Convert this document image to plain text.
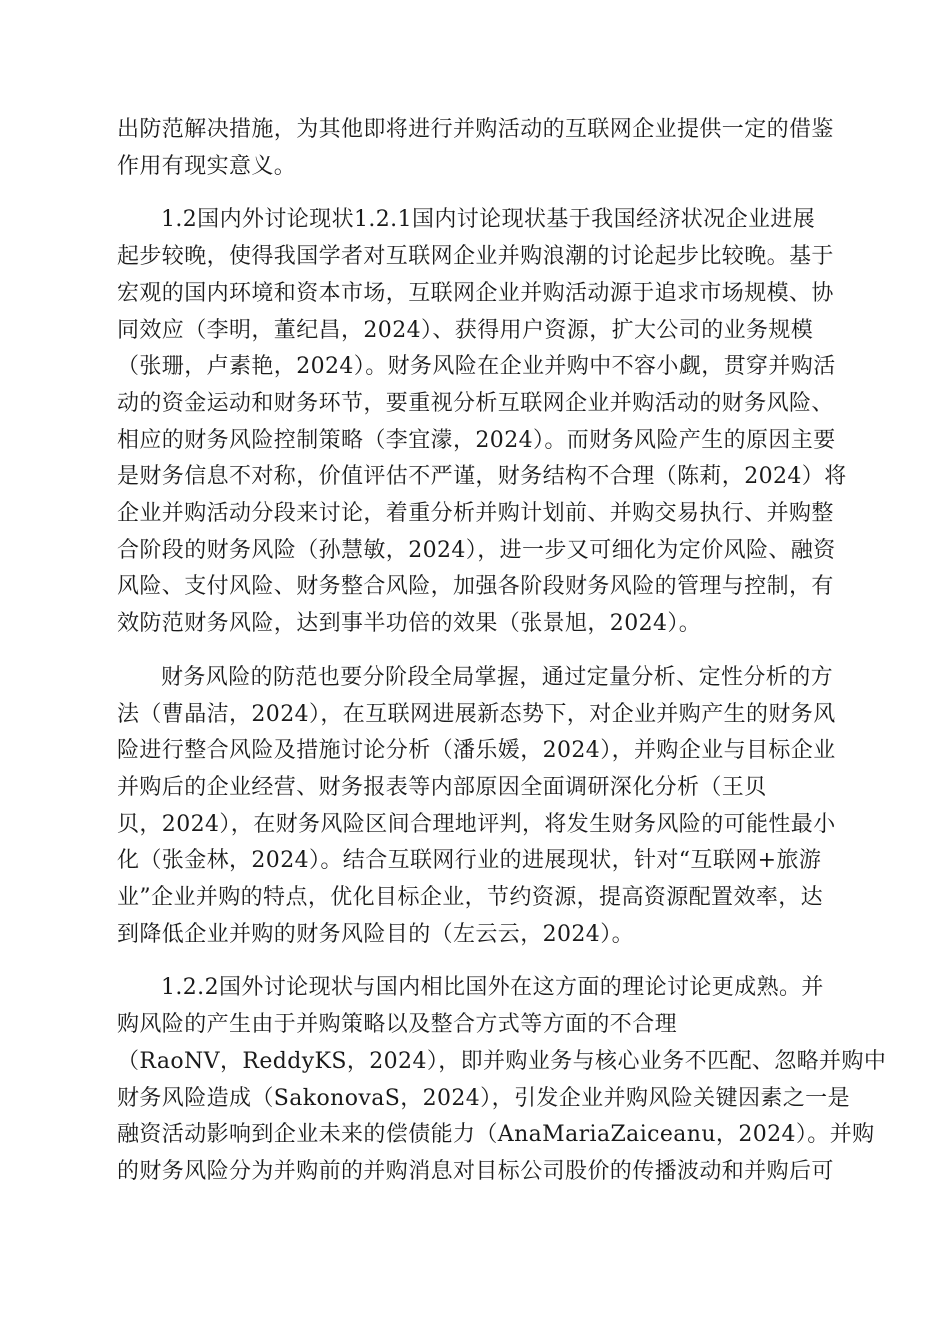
出防范解决措施，为其他即将进行并购活动的互联网企业提供一定的借鉴
作用有现实意义。

1.2国内外讨论现状1.2.1国内讨论现状基于我国经济状况企业进展
起步较晚，使得我国学者对互联网企业并购浪潮的讨论起步比较晚。基于
宏观的国内环境和资本市场，互联网企业并购活动源于追求市场规模、协
同效应（李明，董纪昌，2024）、获得用户资源，扩大公司的业务规模
（张珊，卢素艳，2024）。财务风险在企业并购中不容小觑，贯穿并购活
动的资金运动和财务环节，要重视分析互联网企业并购活动的财务风险、
相应的财务风险控制策略（李宜濛，2024）。而财务风险产生的原因主要
是财务信息不对称，价值评估不严谨，财务结构不合理（陈莉，2024）将
企业并购活动分段来讨论，着重分析并购计划前、并购交易执行、并购整
合阶段的财务风险（孙慧敏，2024），进一步又可细化为定价风险、融资
风险、支付风险、财务整合风险，加强各阶段财务风险的管理与控制，有
效防范财务风险，达到事半功倍的效果（张景旭，2024）。

财务风险的防范也要分阶段全局掌握，通过定量分析、定性分析的方
法（曹晶洁，2024），在互联网进展新态势下，对企业并购产生的财务风
险进行整合风险及措施讨论分析（潘乐媛，2024），并购企业与目标企业
并购后的企业经营、财务报表等内部原因全面调研深化分析（王贝
贝，2024），在财务风险区间合理地评判，将发生财务风险的可能性最小
化（张金林，2024）。结合互联网行业的进展现状，针对“互联网+旅游
业”企业并购的特点，优化目标企业，节约资源，提高资源配置效率，达
到降低企业并购的财务风险目的（左云云，2024）。

1.2.2国外讨论现状与国内相比国外在这方面的理论讨论更成熟。并
购风险的产生由于并购策略以及整合方式等方面的不合理
（RaoNV，ReddyKS，2024），即并购业务与核心业务不匹配、忽略并购中
财务风险造成（SakonovaS，2024），引发企业并购风险关键因素之一是
融资活动影响到企业未来的偿债能力（AnaMariaZaiceanu，2024）。并购
的财务风险分为并购前的并购消息对目标公司股价的传播波动和并购后可
